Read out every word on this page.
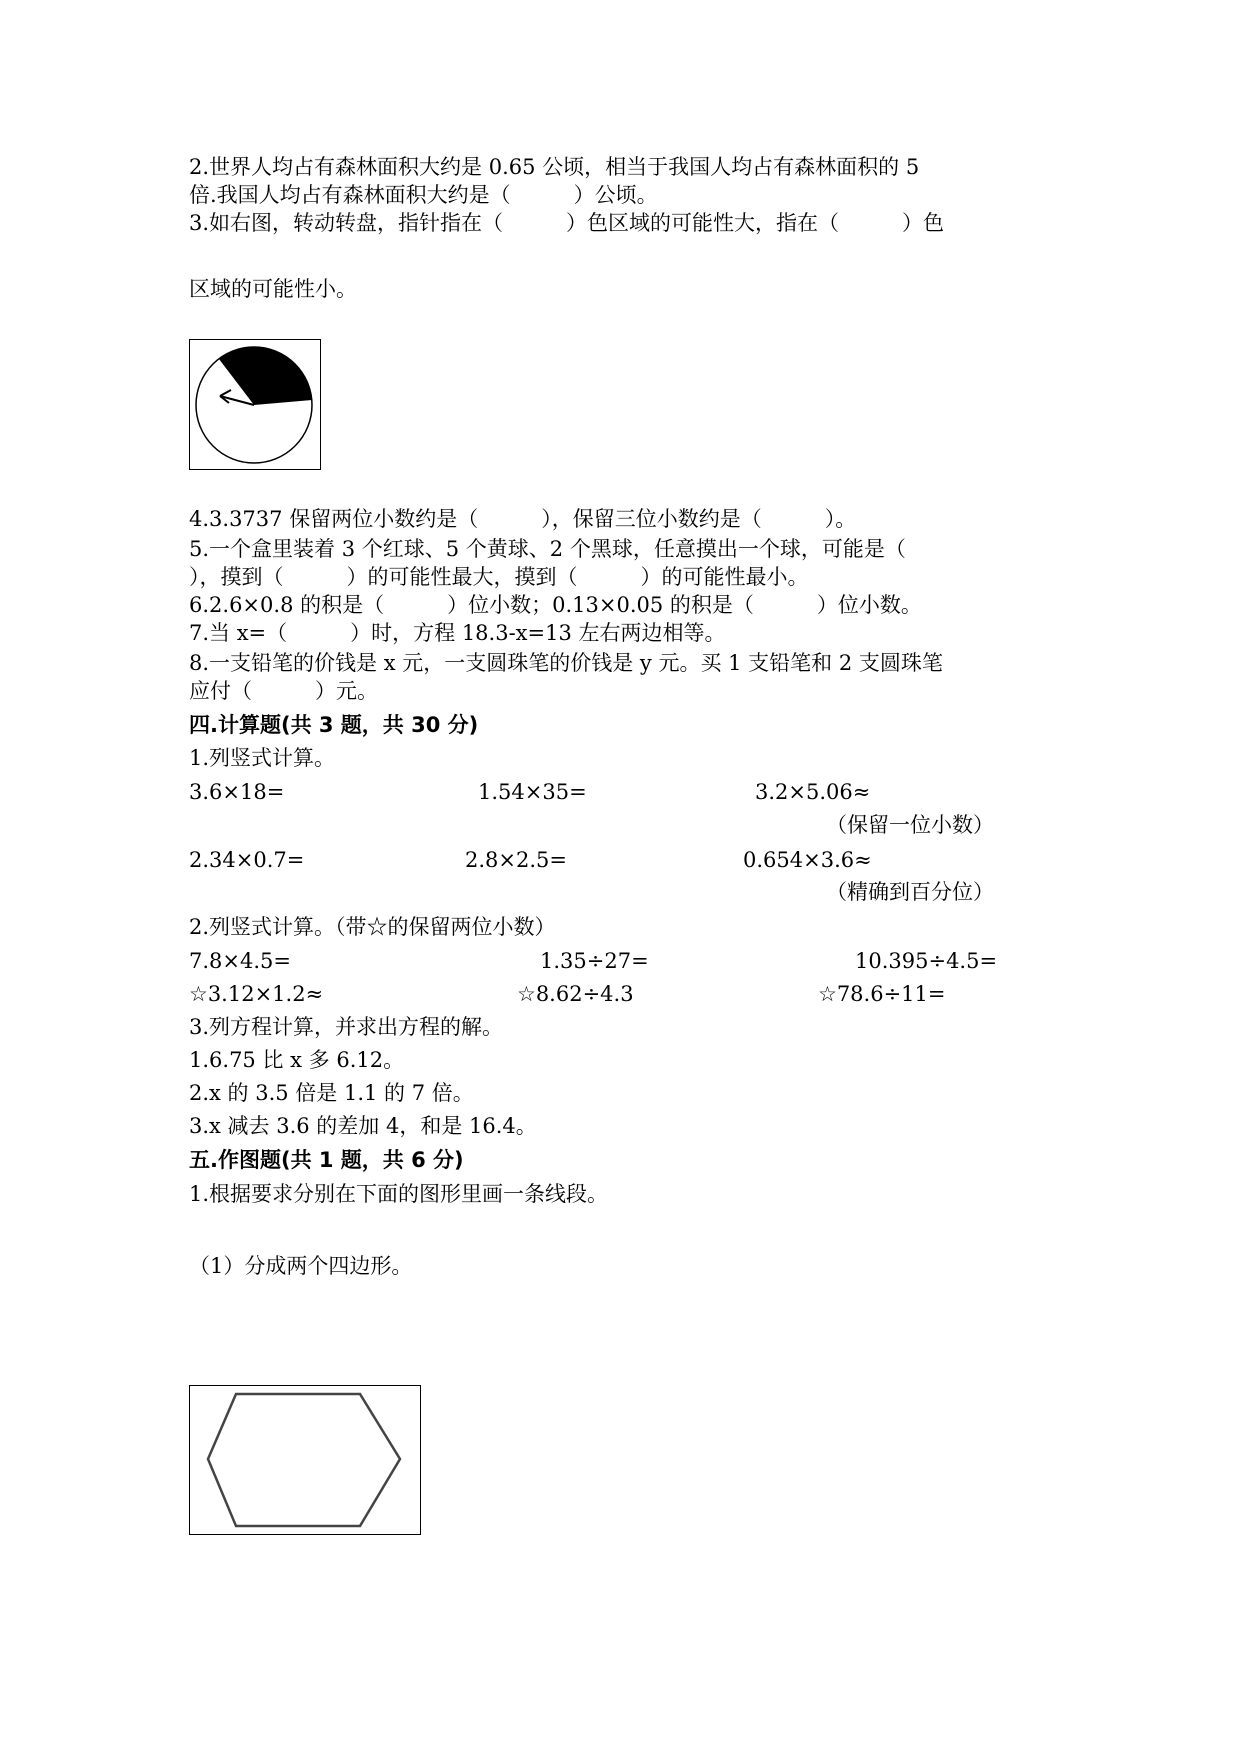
2.世界人均占有森林面积大约是 0.65 公顷，相当于我国人均占有森林面积的 5
倍.我国人均占有森林面积大约是（　　　）公顷。
3.如右图，转动转盘，指针指在（　　　）色区域的可能性大，指在（　　　）色
区域的可能性小。
4.3.3737 保留两位小数约是（　　　），保留三位小数约是（　　　）。
5.一个盒里装着 3 个红球、5 个黄球、2 个黑球，任意摸出一个球，可能是（
），摸到（　　　）的可能性最大，摸到（　　　）的可能性最小。
6.2.6×0.8 的积是（　　　）位小数；0.13×0.05 的积是（　　　）位小数。
7.当 x=（　　　）时，方程 18.3-x=13 左右两边相等。
8.一支铅笔的价钱是 x 元，一支圆珠笔的价钱是 y 元。买 1 支铅笔和 2 支圆珠笔
应付（　　　）元。
四.计算题(共 3 题，共 30 分)
1.列竖式计算。
3.6×18=	1.54×35=	3.2×5.06≈
（保留一位小数）
2.34×0.7=	2.8×2.5=	0.654×3.6≈
（精确到百分位）
2.列竖式计算。（带☆的保留两位小数）
7.8×4.5=	1.35÷27=	10.395÷4.5=
☆3.12×1.2≈	☆8.62÷4.3	☆78.6÷11=
3.列方程计算，并求出方程的解。
1.6.75 比 x 多 6.12。
2.x 的 3.5 倍是 1.1 的 7 倍。
3.x 减去 3.6 的差加 4，和是 16.4。
五.作图题(共 1 题，共 6 分)
1.根据要求分别在下面的图形里画一条线段。
（1）分成两个四边形。
